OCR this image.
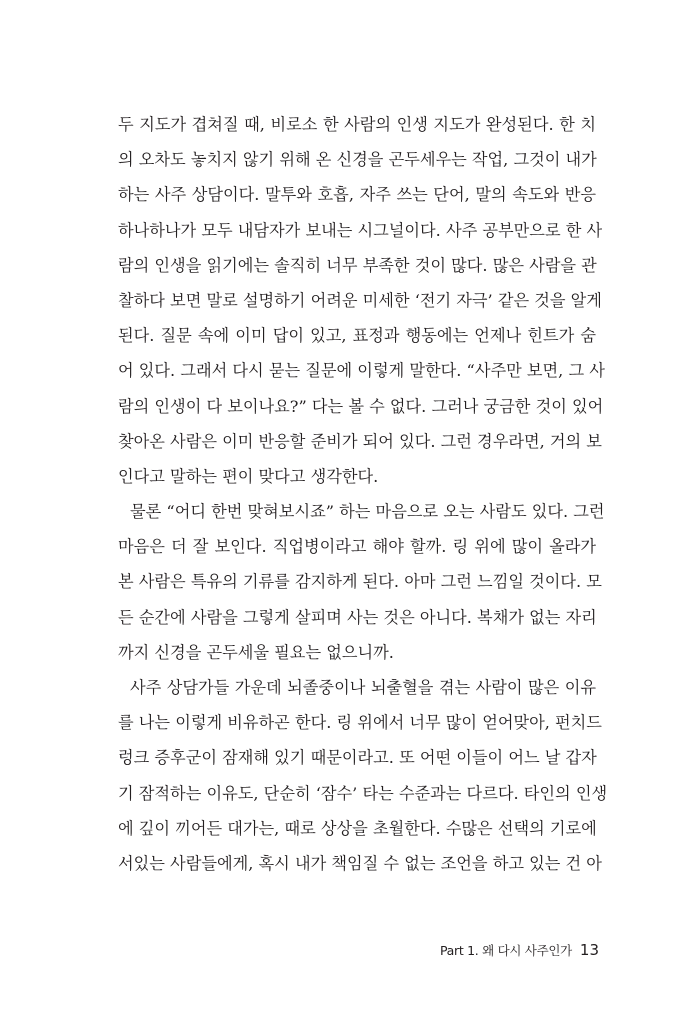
두 지도가 겹쳐질 때, 비로소 한 사람의 인생 지도가 완성된다. 한 치
의 오차도 놓치지 않기 위해 온 신경을 곤두세우는 작업, 그것이 내가
하는 사주 상담이다. 말투와 호흡, 자주 쓰는 단어, 말의 속도와 반응
하나하나가 모두 내담자가 보내는 시그널이다. 사주 공부만으로 한 사
람의 인생을 읽기에는 솔직히 너무 부족한 것이 많다. 많은 사람을 관
찰하다 보면 말로 설명하기 어려운 미세한 ‘전기 자극’ 같은 것을 알게
된다. 질문 속에 이미 답이 있고, 표정과 행동에는 언제나 힌트가 숨
어 있다. 그래서 다시 묻는 질문에 이렇게 말한다. “사주만 보면, 그 사
람의 인생이 다 보이나요?” 다는 볼 수 없다. 그러나 궁금한 것이 있어
찾아온 사람은 이미 반응할 준비가 되어 있다. 그런 경우라면, 거의 보
인다고 말하는 편이 맞다고 생각한다.
물론 “어디 한번 맞혀보시죠” 하는 마음으로 오는 사람도 있다. 그런
마음은 더 잘 보인다. 직업병이라고 해야 할까. 링 위에 많이 올라가
본 사람은 특유의 기류를 감지하게 된다. 아마 그런 느낌일 것이다. 모
든 순간에 사람을 그렇게 살피며 사는 것은 아니다. 복채가 없는 자리
까지 신경을 곤두세울 필요는 없으니까.
사주 상담가들 가운데 뇌졸중이나 뇌출혈을 겪는 사람이 많은 이유
를 나는 이렇게 비유하곤 한다. 링 위에서 너무 많이 얻어맞아, 펀치드
렁크 증후군이 잠재해 있기 때문이라고. 또 어떤 이들이 어느 날 갑자
기 잠적하는 이유도, 단순히 ‘잠수’ 타는 수준과는 다르다. 타인의 인생
에 깊이 끼어든 대가는, 때로 상상을 초월한다. 수많은 선택의 기로에
서있는 사람들에게, 혹시 내가 책임질 수 없는 조언을 하고 있는 건 아
Part 1. 왜 다시 사주인가 13
